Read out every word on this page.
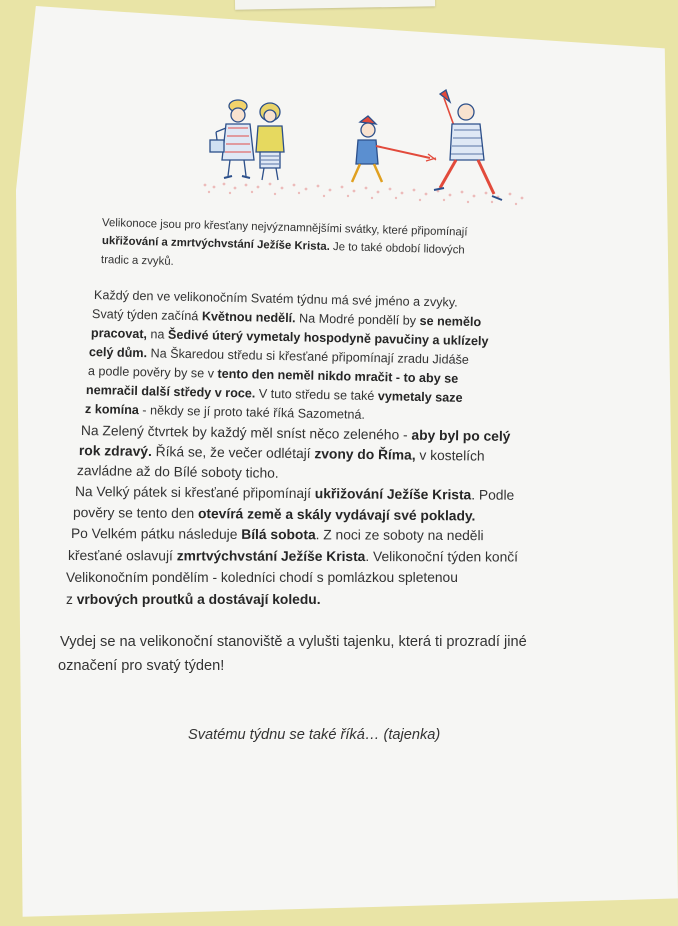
Velikonoce jsou pro křesťany nejvýznamnějšími svátky, které připomínají
ukřižování a zmrtvýchvstání Ježíše Krista. Je to také období lidových
tradic a zvyků.
Každý den ve velikonočním Svatém týdnu má své jméno a zvyky.
Svatý týden začíná Květnou nedělí. Na Modré pondělí by se nemělo
pracovat, na Šedivé úterý vymetaly hospodyně pavučiny a uklízely
celý dům. Na Škaredou středu si křesťané připomínají zradu Jidáše
a podle pověry by se v tento den neměl nikdo mračit - to aby se
nemračil další středy v roce. V tuto středu se také vymetaly saze
z komína - někdy se jí proto také říká Sazometná.
Na Zelený čtvrtek by každý měl sníst něco zeleného - aby byl po celý
rok zdravý. Říká se, že večer odlétají zvony do Říma, v kostelích
zavládne až do Bílé soboty ticho.
Na Velký pátek si křesťané připomínají ukřižování Ježíše Krista. Podle
pověry se tento den otevírá země a skály vydávají své poklady.
Po Velkém pátku následuje Bílá sobota. Z noci ze soboty na neděli
křesťané oslavují zmrtvýchvstání Ježíše Krista. Velikonoční týden končí
Velikonočním pondělím - koledníci chodí s pomlázkou spletenou
z vrbových proutků a dostávají koledu.
Vydej se na velikonoční stanoviště a vylušti tajenku, která ti prozradí jiné
označení pro svatý týden!
Svatému týdnu se také říká… (tajenka)
